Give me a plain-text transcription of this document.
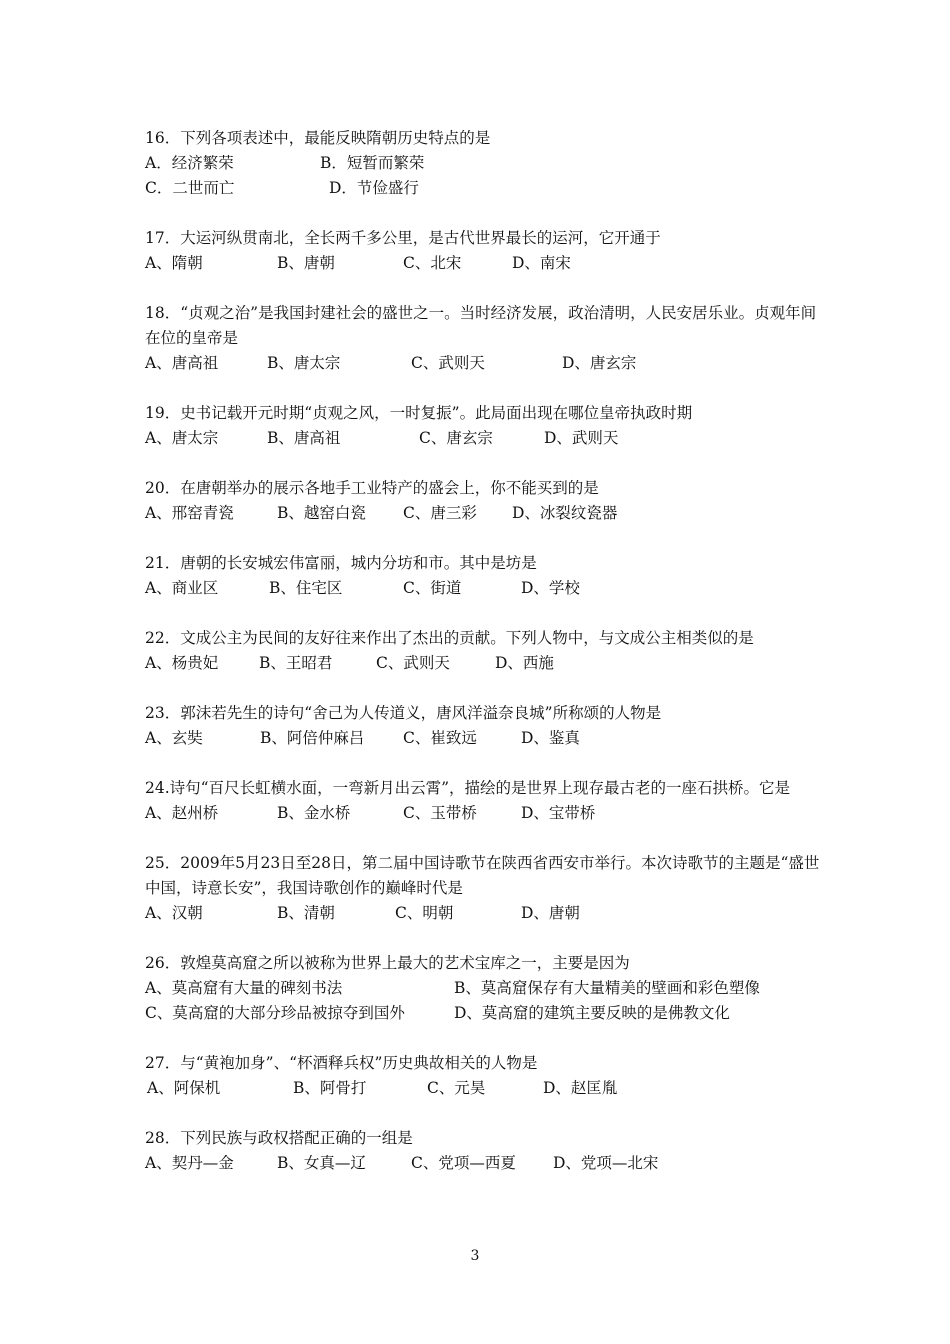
16．下列各项表述中，最能反映隋朝历史特点的是
A．经济繁荣	B．短暂而繁荣
C．二世而亡	D．节俭盛行
17．大运河纵贯南北，全长两千多公里，是古代世界最长的运河，它开通于
A、隋朝	B、唐朝	C、北宋	D、南宋
18．“贞观之治”是我国封建社会的盛世之一。当时经济发展，政治清明，人民安居乐业。贞观年间在位的皇帝是
A、唐高祖	B、唐太宗	C、武则天	D、唐玄宗
19．史书记载开元时期“贞观之风，一时复振”。此局面出现在哪位皇帝执政时期
A、唐太宗	B、唐高祖	C、唐玄宗	D、武则天
20．在唐朝举办的展示各地手工业特产的盛会上，你不能买到的是
A、邢窑青瓷	B、越窑白瓷	C、唐三彩	D、冰裂纹瓷器
21．唐朝的长安城宏伟富丽，城内分坊和市。其中是坊是
A、商业区	B、住宅区	C、街道	D、学校
22．文成公主为民间的友好往来作出了杰出的贡献。下列人物中，与文成公主相类似的是
A、杨贵妃	B、王昭君	C、武则天	D、西施
23．郭沫若先生的诗句“舍己为人传道义，唐风洋溢奈良城”所称颂的人物是
A、玄奘	B、阿倍仲麻吕	C、崔致远	D、鉴真
24.诗句“百尺长虹横水面，一弯新月出云霄”，描绘的是世界上现存最古老的一座石拱桥。它是
A、赵州桥	B、金水桥	C、玉带桥	D、宝带桥
25．2009年5月23日至28日，第二届中国诗歌节在陕西省西安市举行。本次诗歌节的主题是“盛世中国，诗意长安”，我国诗歌创作的巅峰时代是
A、汉朝	B、清朝	C、明朝	D、唐朝
26．敦煌莫高窟之所以被称为世界上最大的艺术宝库之一，主要是因为
A、莫高窟有大量的碑刻书法	B、莫高窟保存有大量精美的壁画和彩色塑像
C、莫高窟的大部分珍品被掠夺到国外	D、莫高窟的建筑主要反映的是佛教文化
27．与“黄袍加身”、“杯酒释兵权”历史典故相关的人物是
A、阿保机	B、阿骨打	C、元昊	D、赵匡胤
28．下列民族与政权搭配正确的一组是
A、契丹—金	B、女真—辽	C、党项—西夏	D、党项—北宋
3
